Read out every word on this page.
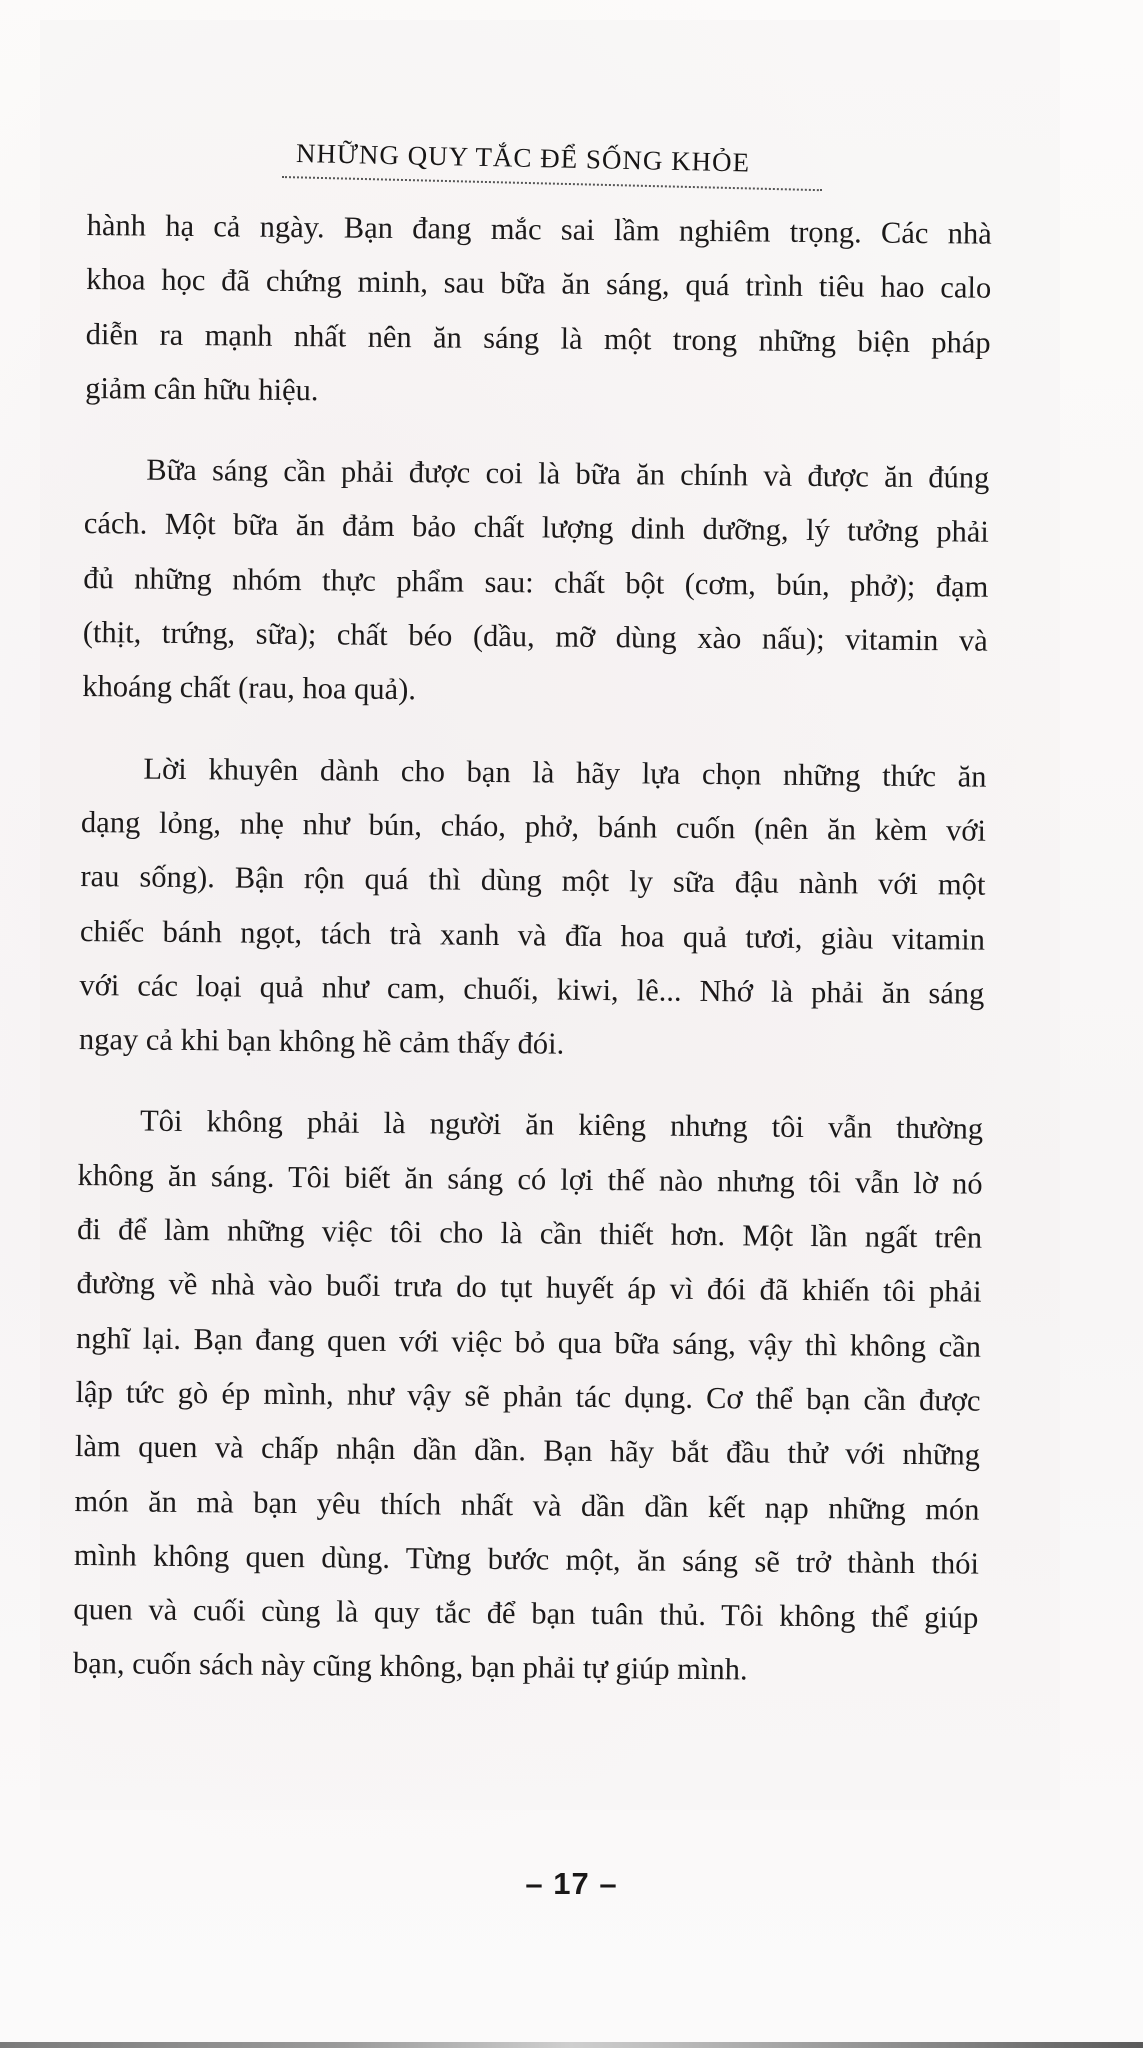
NHỮNG QUY TẮC ĐỂ SỐNG KHỎE
hành hạ cả ngày. Bạn đang mắc sai lầm nghiêm trọng. Các nhà
khoa học đã chứng minh, sau bữa ăn sáng, quá trình tiêu hao calo
diễn ra mạnh nhất nên ăn sáng là một trong những biện pháp
giảm cân hữu hiệu.
Bữa sáng cần phải được coi là bữa ăn chính và được ăn đúng
cách. Một bữa ăn đảm bảo chất lượng dinh dưỡng, lý tưởng phải
đủ những nhóm thực phẩm sau: chất bột (cơm, bún, phở); đạm
(thịt, trứng, sữa); chất béo (dầu, mỡ dùng xào nấu); vitamin và
khoáng chất (rau, hoa quả).
Lời khuyên dành cho bạn là hãy lựa chọn những thức ăn
dạng lỏng, nhẹ như bún, cháo, phở, bánh cuốn (nên ăn kèm với
rau sống). Bận rộn quá thì dùng một ly sữa đậu nành với một
chiếc bánh ngọt, tách trà xanh và đĩa hoa quả tươi, giàu vitamin
với các loại quả như cam, chuối, kiwi, lê... Nhớ là phải ăn sáng
ngay cả khi bạn không hề cảm thấy đói.
Tôi không phải là người ăn kiêng nhưng tôi vẫn thường
không ăn sáng. Tôi biết ăn sáng có lợi thế nào nhưng tôi vẫn lờ nó
đi để làm những việc tôi cho là cần thiết hơn. Một lần ngất trên
đường về nhà vào buổi trưa do tụt huyết áp vì đói đã khiến tôi phải
nghĩ lại. Bạn đang quen với việc bỏ qua bữa sáng, vậy thì không cần
lập tức gò ép mình, như vậy sẽ phản tác dụng. Cơ thể bạn cần được
làm quen và chấp nhận dần dần. Bạn hãy bắt đầu thử với những
món ăn mà bạn yêu thích nhất và dần dần kết nạp những món
mình không quen dùng. Từng bước một, ăn sáng sẽ trở thành thói
quen và cuối cùng là quy tắc để bạn tuân thủ. Tôi không thể giúp
bạn, cuốn sách này cũng không, bạn phải tự giúp mình.
– 17 –
